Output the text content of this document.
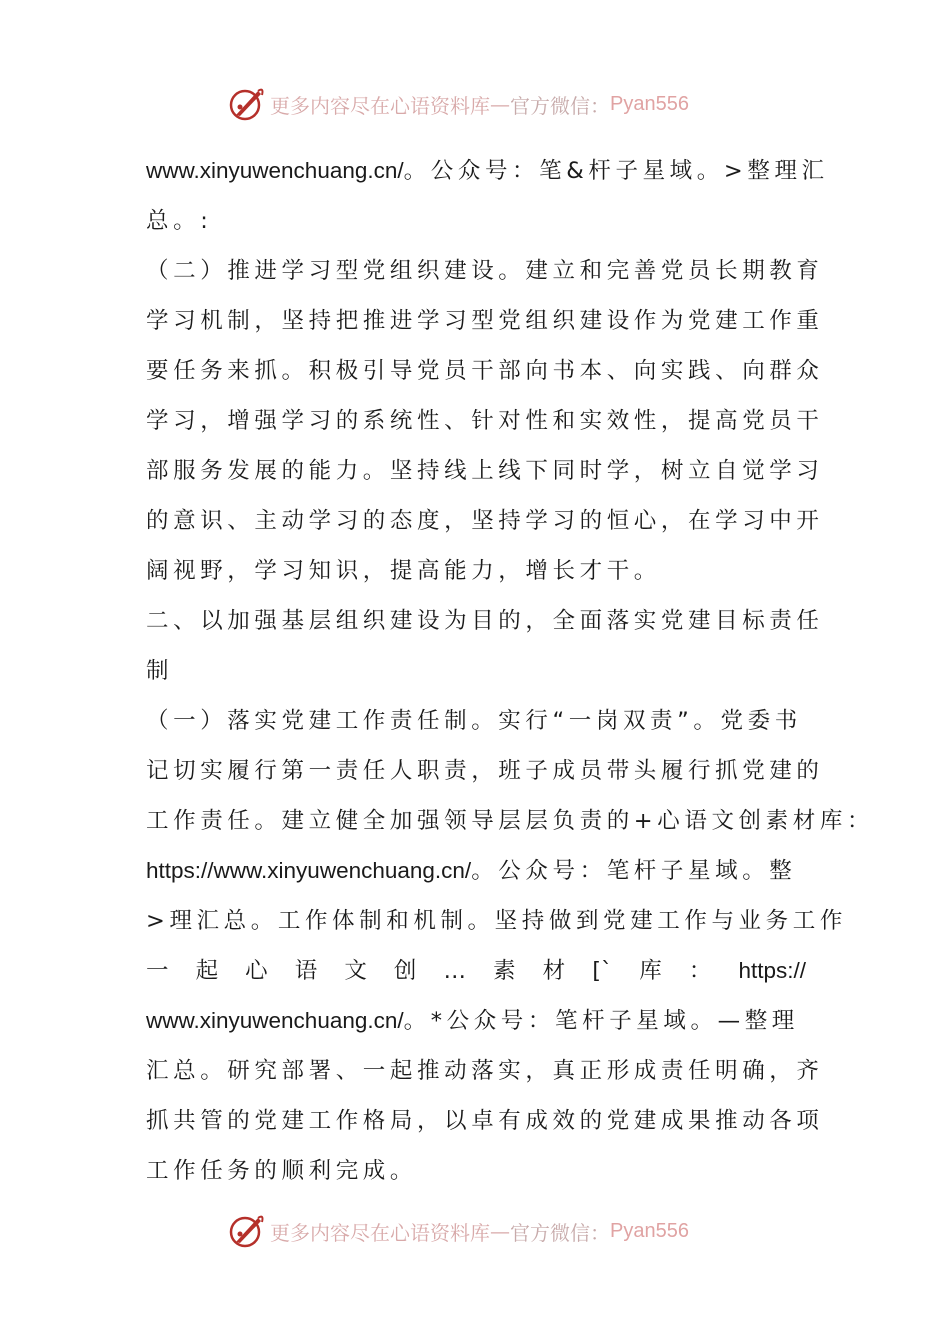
更多内容尽在心语资料库 — 官方微信： Pyan556
www.xinyuwenchuang.cn/。公众号：笔&杆子星域。>整理汇
总。:
（二）推进学习型党组织建设。建立和完善党员长期教育
学习机制，坚持把推进学习型党组织建设作为党建工作重
要任务来抓。积极引导党员干部向书本、向实践、向群众
学习，增强学习的系统性、针对性和实效性，提高党员干
部服务发展的能力。坚持线上线下同时学，树立自觉学习
的意识、主动学习的态度，坚持学习的恒心，在学习中开
阔视野，学习知识，提高能力，增长才干。
二、以加强基层组织建设为目的，全面落实党建目标责任
制
（一）落实党建工作责任制。实行“一岗双责”。党委书
记切实履行第一责任人职责，班子成员带头履行抓党建的
工作责任。建立健全加强领导层层负责的+心语文创素材库：
https://www.xinyuwenchuang.cn/。公众号：笔杆子星域。整
>理汇总。工作体制和机制。坚持做到党建工作与业务工作
一 起 心 语 文 创 … 素 材 [` 库 ： https://
www.xinyuwenchuang.cn/。*公众号：笔杆子星域。—整理
汇总。研究部署、一起推动落实，真正形成责任明确，齐
抓共管的党建工作格局，以卓有成效的党建成果推动各项
工作任务的顺利完成。
更多内容尽在心语资料库 — 官方微信： Pyan556
